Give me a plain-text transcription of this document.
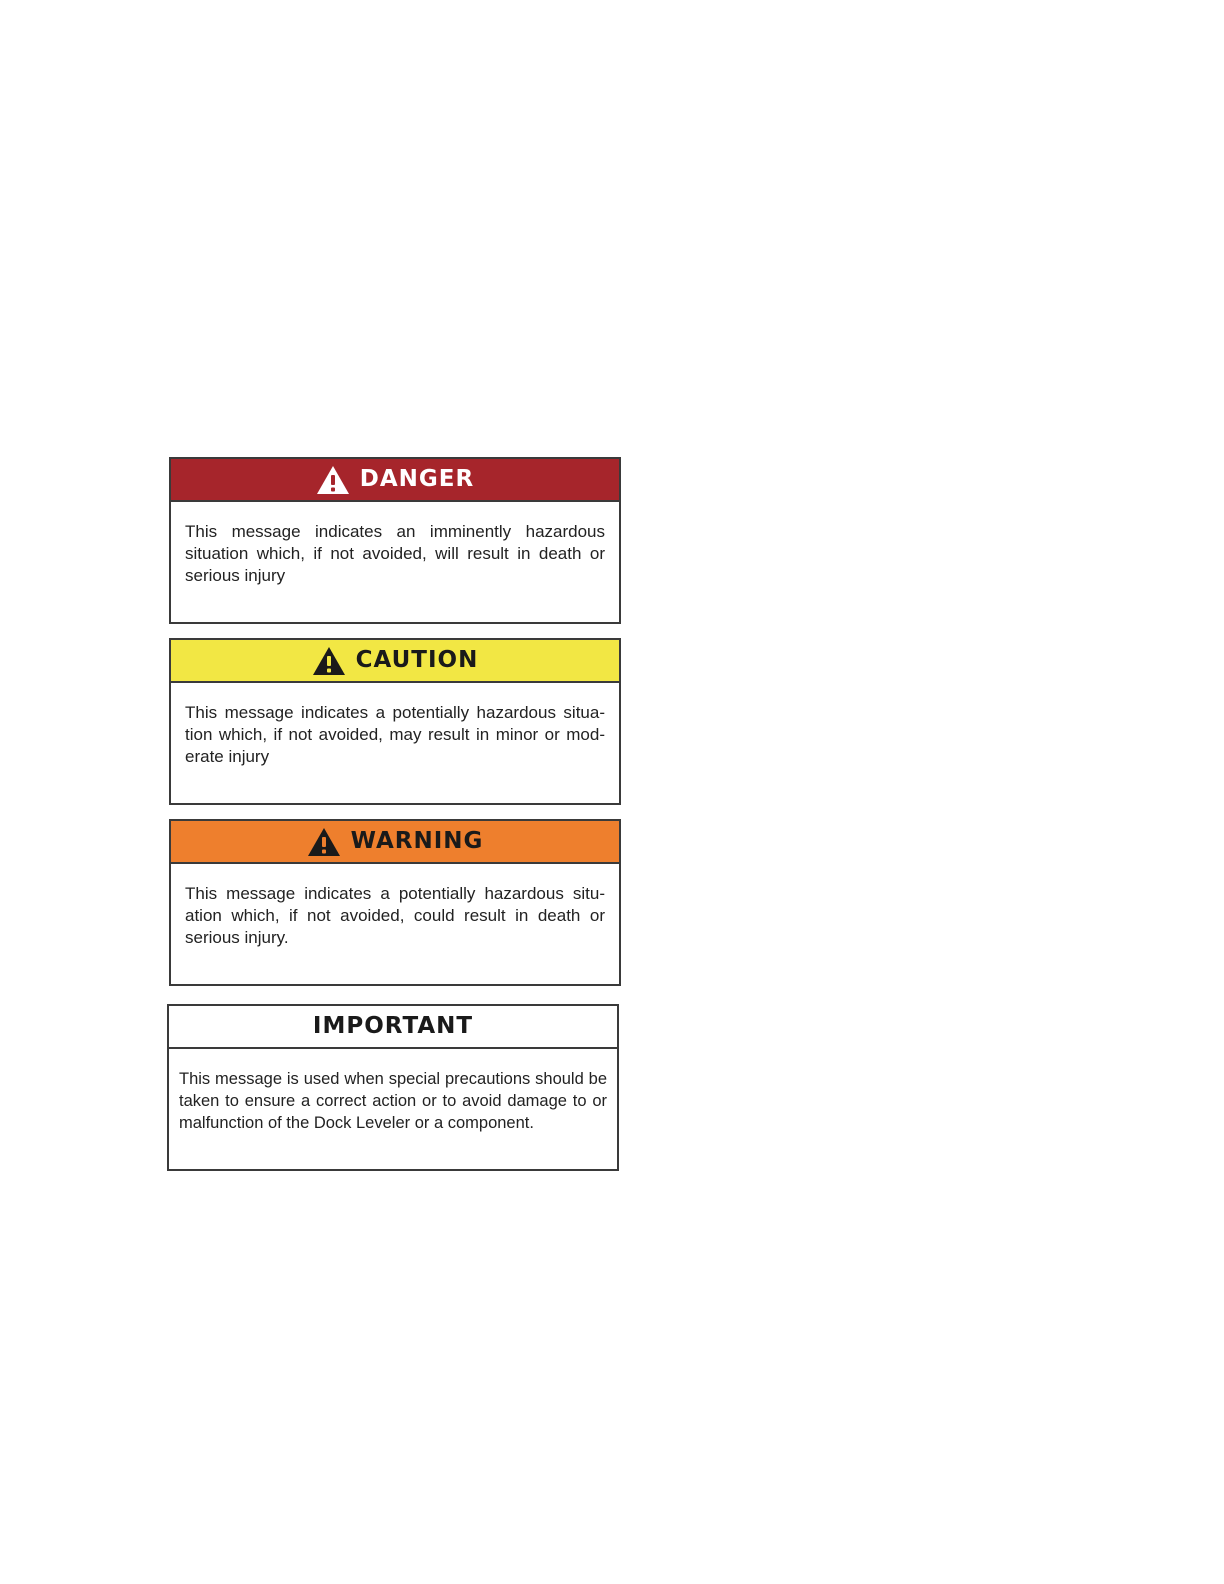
DANGER
This message indicates an imminently hazardous situation which, if not avoided, will result in death or serious injury
CAUTION
This message indicates a potentially hazardous situa-tion which, if not avoided, may result in minor or mod-erate injury
WARNING
This message indicates a potentially hazardous situ-ation which, if not avoided, could result in death or serious injury.
IMPORTANT
This message is used when special precautions should be taken to ensure a correct action or to avoid damage to or malfunction of the Dock Leveler or a component.
